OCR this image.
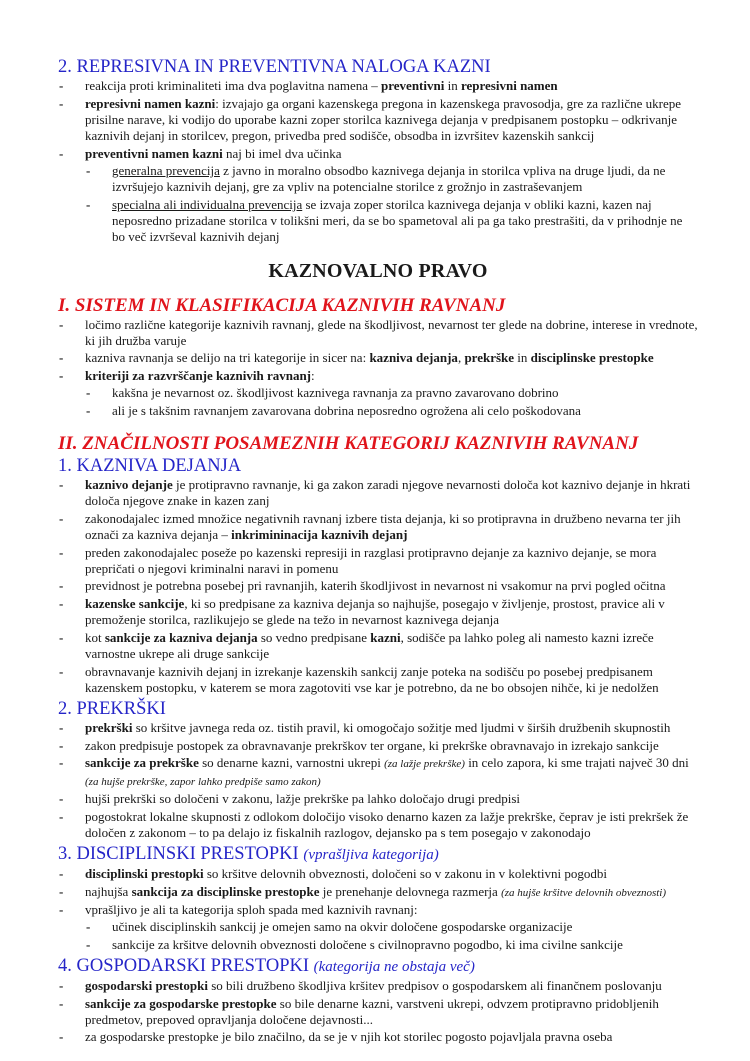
2. REPRESIVNA IN PREVENTIVNA NALOGA KAZNI
- reakcija proti kriminaliteti ima dva poglavitna namena – preventivni in represivni namen
- represivni namen kazni: izvajajo ga organi kazenskega pregona in kazenskega pravosodja, gre za različne ukrepe prisilne narave, ki vodijo do uporabe kazni zoper storilca kaznivega dejanja v predpisanem postopku – odkrivanje kaznivih dejanj in storilcev, pregon, privedba pred sodišče, obsodba in izvršitev kazenskih sankcij
- preventivni namen kazni naj bi imel dva učinka
- generalna prevencija z javno in moralno obsodbo kaznivega dejanja in storilca vpliva na druge ljudi, da ne izvršujejo kaznivih dejanj, gre za vpliv na potencialne storilce z grožnjo in zastraševanjem
- specialna ali individualna prevencija se izvaja zoper storilca kaznivega dejanja v obliki kazni, kazen naj neposredno prizadane storilca v tolikšni meri, da se bo spametoval ali pa ga tako prestrašiti, da v prihodnje ne bo več izvrševal kaznivih dejanj
KAZNOVALNO PRAVO
I. SISTEM IN KLASIFIKACIJA KAZNIVIH RAVNANJ
- ločimo različne kategorije kaznivih ravnanj, glede na škodljivost, nevarnost ter glede na dobrine, interese in vrednote, ki jih družba varuje
- kazniva ravnanja se delijo na tri kategorije in sicer na: kazniva dejanja, prekrške in disciplinske prestopke
- kriteriji za razvrščanje kaznivih ravnanj:
- kakšna je nevarnost oz. škodljivost kaznivega ravnanja za pravno zavarovano dobrino
- ali je s takšnim ravnanjem zavarovana dobrina neposredno ogrožena ali celo poškodovana
II. ZNAČILNOSTI POSAMEZNIH KATEGORIJ KAZNIVIH RAVNANJ
1. KAZNIVA DEJANJA
- kaznivo dejanje je protipravno ravnanje, ki ga zakon zaradi njegove nevarnosti določa kot kaznivo dejanje in hkrati določa njegove znake in kazen zanj
- zakonodajalec izmed množice negativnih ravnanj izbere tista dejanja, ki so protipravna in družbeno nevarna ter jih označi za kazniva dejanja – inkrimininacija kaznivih dejanj
- preden zakonodajalec poseže po kazenski represiji in razglasi protipravno dejanje za kaznivo dejanje, se mora prepričati o njegovi kriminalni naravi in pomenu
- previdnost je potrebna posebej pri ravnanjih, katerih škodljivost in nevarnost ni vsakomur na prvi pogled očitna
- kazenske sankcije, ki so predpisane za kazniva dejanja so najhujše, posegajo v življenje, prostost, pravice ali v premoženje storilca, razlikujejo se glede na težo in nevarnost kaznivega dejanja
- kot sankcije za kazniva dejanja so vedno predpisane kazni, sodišče pa lahko poleg ali namesto kazni izreče varnostne ukrepe ali druge sankcije
- obravnavanje kaznivih dejanj in izrekanje kazenskih sankcij zanje poteka na sodišču po posebej predpisanem kazenskem postopku, v katerem se mora zagotoviti vse kar je potrebno, da ne bo obsojen nihče, ki je nedolžen
2. PREKRŠKI
- prekrški so kršitve javnega reda oz. tistih pravil, ki omogočajo sožitje med ljudmi v širših družbenih skupnostih
- zakon predpisuje postopek za obravnavanje prekrškov ter organe, ki prekrške obravnavajo in izrekajo sankcije
- sankcije za prekrške so denarne kazni, varnostni ukrepi (za lažje prekrške) in celo zapora, ki sme trajati največ 30 dni (za hujše prekrške, zapor lahko predpiše samo zakon)
- hujši prekrški so določeni v zakonu, lažje prekrške pa lahko določajo drugi predpisi
- pogostokrat lokalne skupnosti z odlokom določijo visoko denarno kazen za lažje prekrške, čeprav je isti prekršek že določen z zakonom – to pa delajo iz fiskalnih razlogov, dejansko pa s tem posegajo v zakonodajo
3. DISCIPLINSKI PRESTOPKI (vprašljiva kategorija)
- disciplinski prestopki so kršitve delovnih obveznosti, določeni so v zakonu in v kolektivni pogodbi
- najhujša sankcija za disciplinske prestopke je prenehanje delovnega razmerja (za hujše kršitve delovnih obveznosti)
- vprašljivo je ali ta kategorija sploh spada med kaznivih ravnanj:
- učinek disciplinskih sankcij je omejen samo na okvir določene gospodarske organizacije
- sankcije za kršitve delovnih obveznosti določene s civilnopravno pogodbo, ki ima civilne sankcije
4. GOSPODARSKI PRESTOPKI (kategorija ne obstaja več)
- gospodarski prestopki so bili družbeno škodljiva kršitev predpisov o gospodarskem ali finančnem poslovanju
- sankcije za gospodarske prestopke so bile denarne kazni, varstveni ukrepi, odvzem protipravno pridobljenih predmetov, prepoved opravljanja določene dejavnosti...
- za gospodarske prestopke je bilo značilno, da se je v njih kot storilec pogosto pojavljala pravna oseba
